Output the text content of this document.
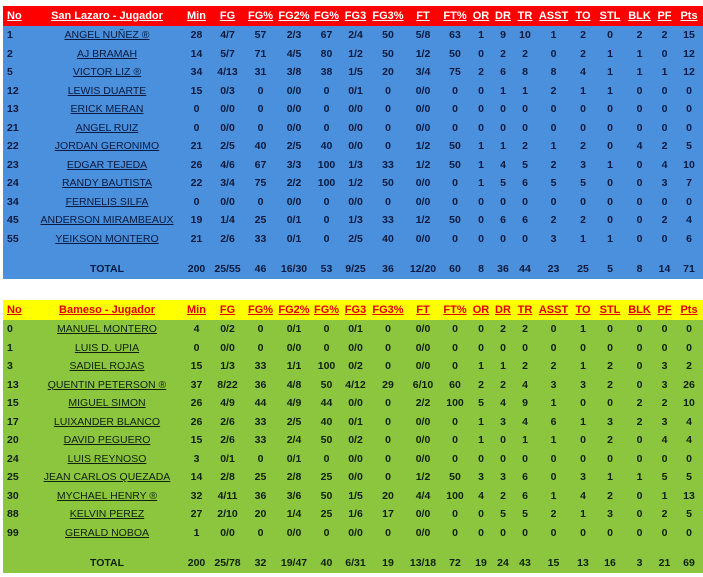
No	San Lazaro - Jugador	Min	FG	FG%	FG2%	FG%	FG3	FG3%	FT	FT%	OR	DR	TR	ASST	TO	STL	BLK	PF	Pts
1	ANGEL NUÑEZ ®	28	4/7	57	2/3	67	2/4	50	5/8	63	1	9	10	1	2	0	2	2	15
2	AJ BRAMAH	14	5/7	71	4/5	80	1/2	50	1/2	50	0	2	2	0	2	1	1	0	12
5	VICTOR LIZ ®	34	4/13	31	3/8	38	1/5	20	3/4	75	2	6	8	8	4	1	1	1	12
12	LEWIS DUARTE	15	0/3	0	0/0	0	0/1	0	0/0	0	0	1	1	2	1	1	0	0	0
13	ERICK MERAN	0	0/0	0	0/0	0	0/0	0	0/0	0	0	0	0	0	0	0	0	0	0
21	ANGEL RUIZ	0	0/0	0	0/0	0	0/0	0	0/0	0	0	0	0	0	0	0	0	0	0
22	JORDAN GERONIMO	21	2/5	40	2/5	40	0/0	0	1/2	50	1	1	2	1	2	0	4	2	5
23	EDGAR TEJEDA	26	4/6	67	3/3	100	1/3	33	1/2	50	1	4	5	2	3	1	0	4	10
24	RANDY BAUTISTA	22	3/4	75	2/2	100	1/2	50	0/0	0	1	5	6	5	5	0	0	3	7
34	FERNELIS SILFA	0	0/0	0	0/0	0	0/0	0	0/0	0	0	0	0	0	0	0	0	0	0
45	ANDERSON MIRAMBEAUX	19	1/4	25	0/1	0	1/3	33	1/2	50	0	6	6	2	2	0	0	2	4
55	YEIKSON MONTERO	21	2/6	33	0/1	0	2/5	40	0/0	0	0	0	0	3	1	1	0	0	6

	TOTAL	200	25/55	46	16/30	53	9/25	36	12/20	60	8	36	44	23	25	5	8	14	71
No	Bameso - Jugador	Min	FG	FG%	FG2%	FG%	FG3	FG3%	FT	FT%	OR	DR	TR	ASST	TO	STL	BLK	PF	Pts
0	MANUEL MONTERO	4	0/2	0	0/1	0	0/1	0	0/0	0	0	2	2	0	1	0	0	0	0
1	LUIS D. UPIA	0	0/0	0	0/0	0	0/0	0	0/0	0	0	0	0	0	0	0	0	0	0
3	SADIEL ROJAS	15	1/3	33	1/1	100	0/2	0	0/0	0	1	1	2	2	1	2	0	3	2
13	QUENTIN PETERSON ®	37	8/22	36	4/8	50	4/12	29	6/10	60	2	2	4	3	3	2	0	3	26
15	MIGUEL SIMON	26	4/9	44	4/9	44	0/0	0	2/2	100	5	4	9	1	0	0	2	2	10
17	LUIXANDER BLANCO	26	2/6	33	2/5	40	0/1	0	0/0	0	1	3	4	6	1	3	2	3	4
20	DAVID PEGUERO	15	2/6	33	2/4	50	0/2	0	0/0	0	1	0	1	1	0	2	0	4	4
24	LUIS REYNOSO	3	0/1	0	0/1	0	0/0	0	0/0	0	0	0	0	0	0	0	0	0	0
25	JEAN CARLOS QUEZADA	14	2/8	25	2/8	25	0/0	0	1/2	50	3	3	6	0	3	1	1	5	5
30	MYCHAEL HENRY ®	32	4/11	36	3/6	50	1/5	20	4/4	100	4	2	6	1	4	2	0	1	13
88	KELVIN PEREZ	27	2/10	20	1/4	25	1/6	17	0/0	0	0	5	5	2	1	3	0	2	5
99	GERALD NOBOA	1	0/0	0	0/0	0	0/0	0	0/0	0	0	0	0	0	0	0	0	0	0

	TOTAL	200	25/78	32	19/47	40	6/31	19	13/18	72	19	24	43	15	13	16	3	21	69
